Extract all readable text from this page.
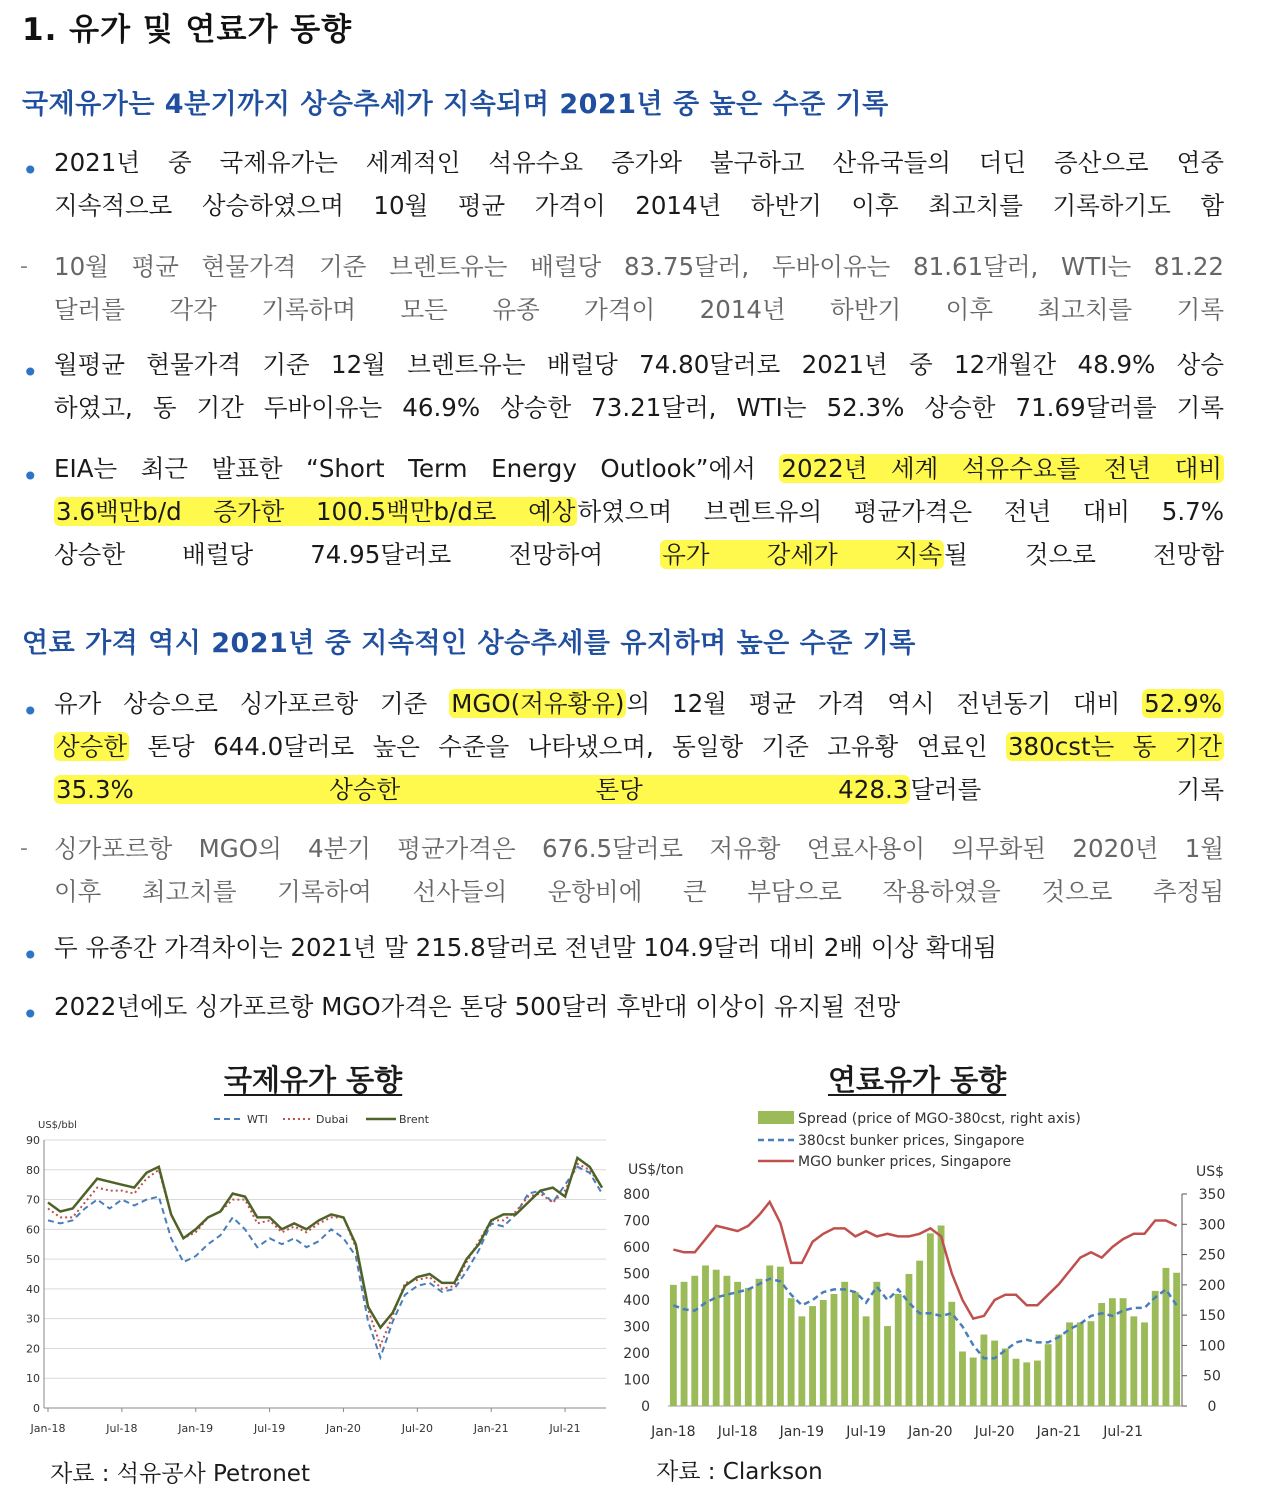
1. 유가 및 연료가 동향
국제유가는 4분기까지 상승추세가 지속되며 2021년 중 높은 수준 기록
•
2021년 중 국제유가는 세계적인 석유수요 증가와 불구하고 산유국들의 더딘 증산으로 연중
지속적으로 상승하였으며 10월 평균 가격이 2014년 하반기 이후 최고치를 기록하기도 함
- 10월 평균 현물가격 기준 브렌트유는 배럴당 83.75달러, 두바이유는 81.61달러, WTI는 81.22
달러를 각각 기록하며 모든 유종 가격이 2014년 하반기 이후 최고치를 기록
•
월평균 현물가격 기준 12월 브렌트유는 배럴당 74.80달러로 2021년 중 12개월간 48.9% 상승
하였고, 동 기간 두바이유는 46.9% 상승한 73.21달러, WTI는 52.3% 상승한 71.69달러를 기록
•
EIA는 최근 발표한 “Short Term Energy Outlook”에서 2022년 세계 석유수요를 전년 대비
3.6백만b/d 증가한 100.5백만b/d로 예상하였으며 브렌트유의 평균가격은 전년 대비 5.7%
상승한 배럴당 74.95달러로 전망하여 유가 강세가 지속될 것으로 전망함
연료 가격 역시 2021년 중 지속적인 상승추세를 유지하며 높은 수준 기록
•
유가 상승으로 싱가포르항 기준 MGO(저유황유)의 12월 평균 가격 역시 전년동기 대비 52.9%
상승한 톤당 644.0달러로 높은 수준을 나타냈으며, 동일항 기준 고유황 연료인 380cst는 동 기간
35.3% 상승한 톤당 428.3달러를 기록
- 싱가포르항 MGO의 4분기 평균가격은 676.5달러로 저유황 연료사용이 의무화된 2020년 1월
이후 최고치를 기록하여 선사들의 운항비에 큰 부담으로 작용하였을 것으로 추정됨
•
두 유종간 가격차이는 2021년 말 215.8달러로 전년말 104.9달러 대비 2배 이상 확대됨
•
2022년에도 싱가포르항 MGO가격은 톤당 500달러 후반대 이상이 유지될 전망
국제유가 동향	연료유가 동향
US$/bbl
0
10
20
30
40
50
60
70
80
90
Jan-18	Jul-18	Jan-19	Jul-19	Jan-20	Jul-20	Jan-21	Jul-21
WTI	Dubai	Brent
US$/ton	US$
0
100
200
300
400
500
600
700
800
0
50
100
150
200
250
300
350
Jan-18 Jul-18 Jan-19 Jul-19 Jan-20 Jul-20 Jan-21 Jul-21
Spread (price of MGO-380cst, right axis)
380cst bunker prices, Singapore
MGO bunker prices, Singapore
자료 : 석유공사 Petronet	자료 : Clarkson
